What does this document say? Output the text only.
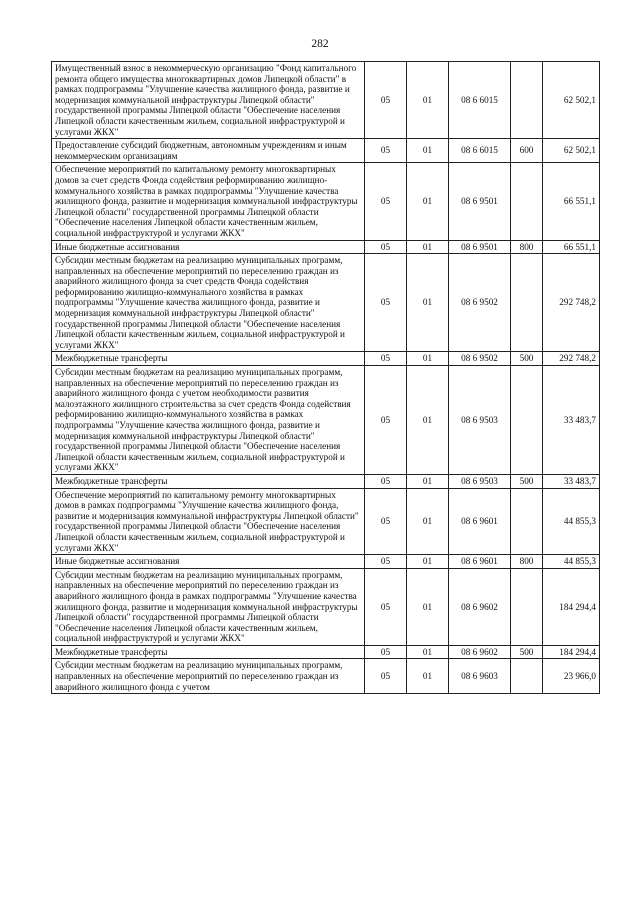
282
Имущественный взнос в некоммерческую организацию "Фонд капитального ремонта общего имущества многоквартирных домов Липецкой области" в рамках подпрограммы "Улучшение качества жилищного фонда, развитие и модернизация коммунальной инфраструктуры Липецкой области" государственной программы Липецкой области "Обеспечение населения Липецкой области качественным жильем, социальной инфраструктурой и услугами ЖКХ"	05	01	08 6 6015		62 502,1
Предоставление субсидий бюджетным, автономным учреждениям и иным некоммерческим организациям	05	01	08 6 6015	600	62 502,1
Обеспечение мероприятий по капитальному ремонту многоквартирных домов за счет средств Фонда содействия реформированию жилищно-коммунального хозяйства в рамках подпрограммы "Улучшение качества жилищного фонда, развитие и модернизация коммунальной инфраструктуры Липецкой области" государственной программы Липецкой области "Обеспечение населения Липецкой области качественным жильем, социальной инфраструктурой и услугами ЖКХ"	05	01	08 6 9501		66 551,1
Иные бюджетные ассигнования	05	01	08 6 9501	800	66 551,1
Субсидии местным бюджетам на реализацию муниципальных программ, направленных на обеспечение мероприятий по переселению граждан из аварийного жилищного фонда за счет средств Фонда содействия реформированию жилищно-коммунального хозяйства в рамках подпрограммы "Улучшение качества жилищного фонда, развитие и модернизация коммунальной инфраструктуры Липецкой области" государственной программы Липецкой области "Обеспечение населения Липецкой области качественным жильем, социальной инфраструктурой и услугами ЖКХ"	05	01	08 6 9502		292 748,2
Межбюджетные трансферты	05	01	08 6 9502	500	292 748,2
Субсидии местным бюджетам на реализацию муниципальных программ, направленных на обеспечение мероприятий по переселению граждан из аварийного жилищного фонда с учетом необходимости развития малоэтажного жилищного строительства за счет средств Фонда содействия реформированию жилищно-коммунального хозяйства в рамках подпрограммы "Улучшение качества жилищного фонда, развитие и модернизация коммунальной инфраструктуры Липецкой области" государственной программы Липецкой области "Обеспечение населения Липецкой области качественным жильем, социальной инфраструктурой и услугами ЖКХ"	05	01	08 6 9503		33 483,7
Межбюджетные трансферты	05	01	08 6 9503	500	33 483,7
Обеспечение мероприятий по капитальному ремонту многоквартирных домов в рамках подпрограммы "Улучшение качества жилищного фонда, развитие и модернизация коммунальной инфраструктуры Липецкой области" государственной программы Липецкой области "Обеспечение населения Липецкой области качественным жильем, социальной инфраструктурой и услугами ЖКХ"	05	01	08 6 9601		44 855,3
Иные бюджетные ассигнования	05	01	08 6 9601	800	44 855,3
Субсидии местным бюджетам на реализацию муниципальных программ, направленных на обеспечение мероприятий по переселению граждан из аварийного жилищного фонда в рамках подпрограммы "Улучшение качества жилищного фонда, развитие и модернизация коммунальной инфраструктуры Липецкой области" государственной программы Липецкой области "Обеспечение населения Липецкой области качественным жильем, социальной инфраструктурой и услугами ЖКХ"	05	01	08 6 9602		184 294,4
Межбюджетные трансферты	05	01	08 6 9602	500	184 294,4
Субсидии местным бюджетам на реализацию муниципальных программ, направленных на обеспечение мероприятий по переселению граждан из аварийного жилищного фонда с учетом	05	01	08 6 9603		23 966,0
